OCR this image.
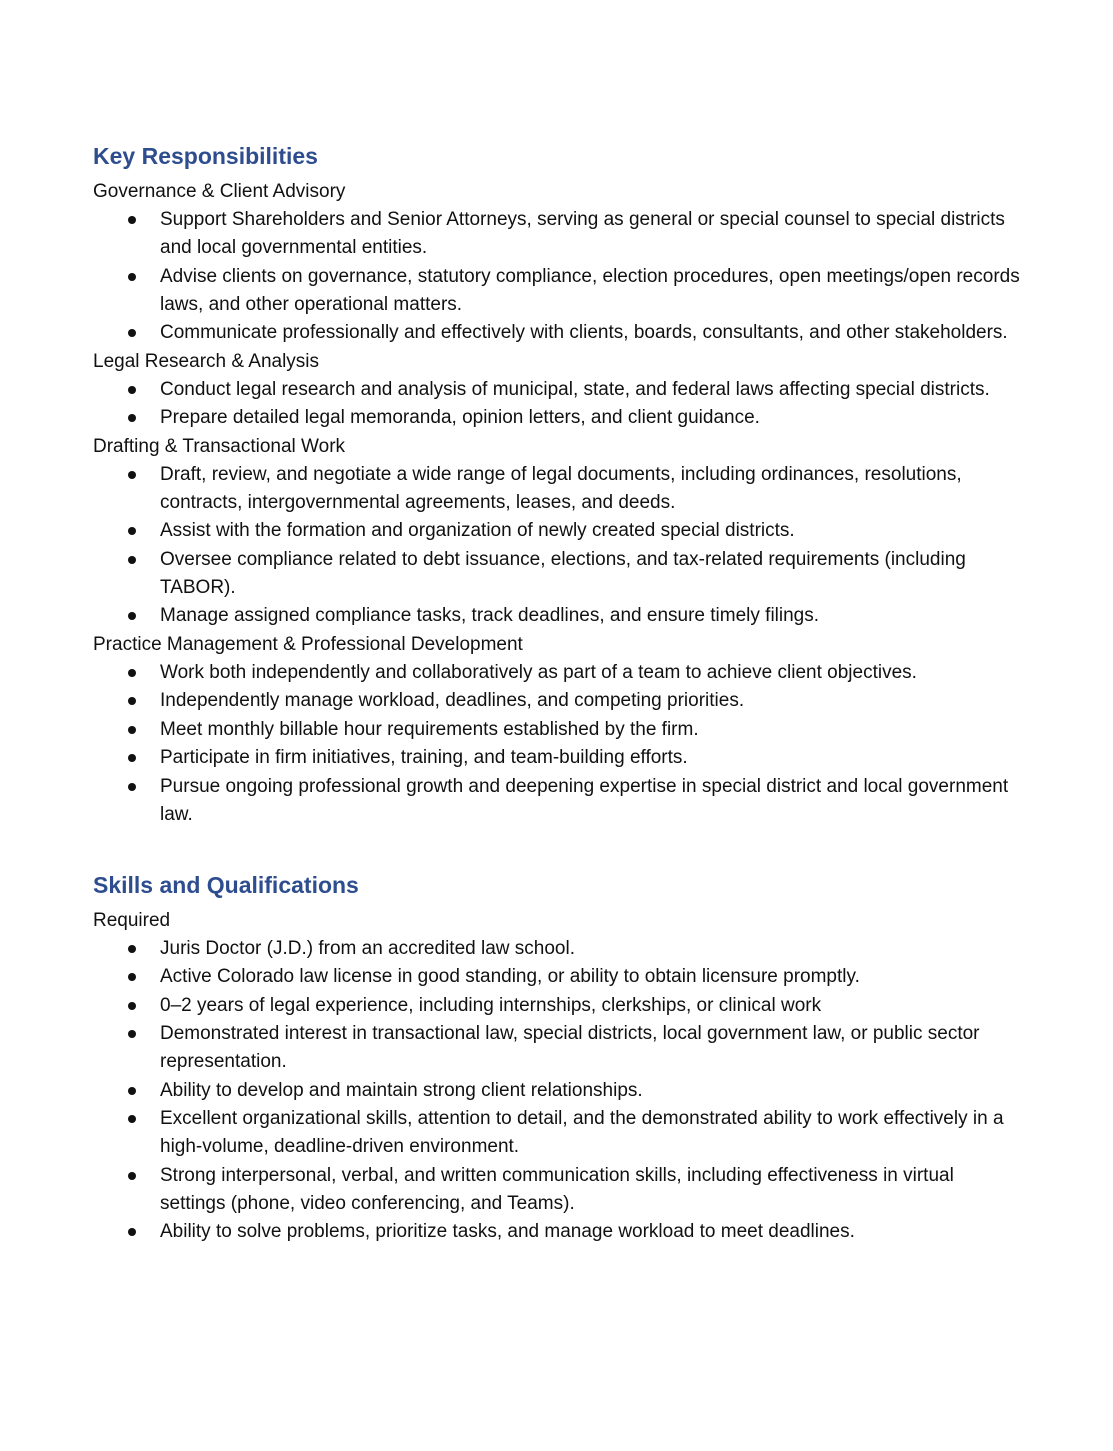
Key Responsibilities

Governance & Client Advisory

Support Shareholders and Senior Attorneys, serving as general or special counsel to special districts and local governmental entities.
Advise clients on governance, statutory compliance, election procedures, open meetings/open records laws, and other operational matters.
Communicate professionally and effectively with clients, boards, consultants, and other stakeholders.

Legal Research & Analysis

Conduct legal research and analysis of municipal, state, and federal laws affecting special districts.
Prepare detailed legal memoranda, opinion letters, and client guidance.

Drafting & Transactional Work

Draft, review, and negotiate a wide range of legal documents, including ordinances, resolutions, contracts, intergovernmental agreements, leases, and deeds.
Assist with the formation and organization of newly created special districts.
Oversee compliance related to debt issuance, elections, and tax-related requirements (including TABOR).
Manage assigned compliance tasks, track deadlines, and ensure timely filings.

Practice Management & Professional Development

Work both independently and collaboratively as part of a team to achieve client objectives.
Independently manage workload, deadlines, and competing priorities.
Meet monthly billable hour requirements established by the firm.
Participate in firm initiatives, training, and team-building efforts.
Pursue ongoing professional growth and deepening expertise in special district and local government law.
Skills and Qualifications

Required

Juris Doctor (J.D.) from an accredited law school.
Active Colorado law license in good standing, or ability to obtain licensure promptly.
0–2 years of legal experience, including internships, clerkships, or clinical work
Demonstrated interest in transactional law, special districts, local government law, or public sector representation.
Ability to develop and maintain strong client relationships.
Excellent organizational skills, attention to detail, and the demonstrated ability to work effectively in a high-volume, deadline-driven environment.
Strong interpersonal, verbal, and written communication skills, including effectiveness in virtual settings (phone, video conferencing, and Teams).
Ability to solve problems, prioritize tasks, and manage workload to meet deadlines.
